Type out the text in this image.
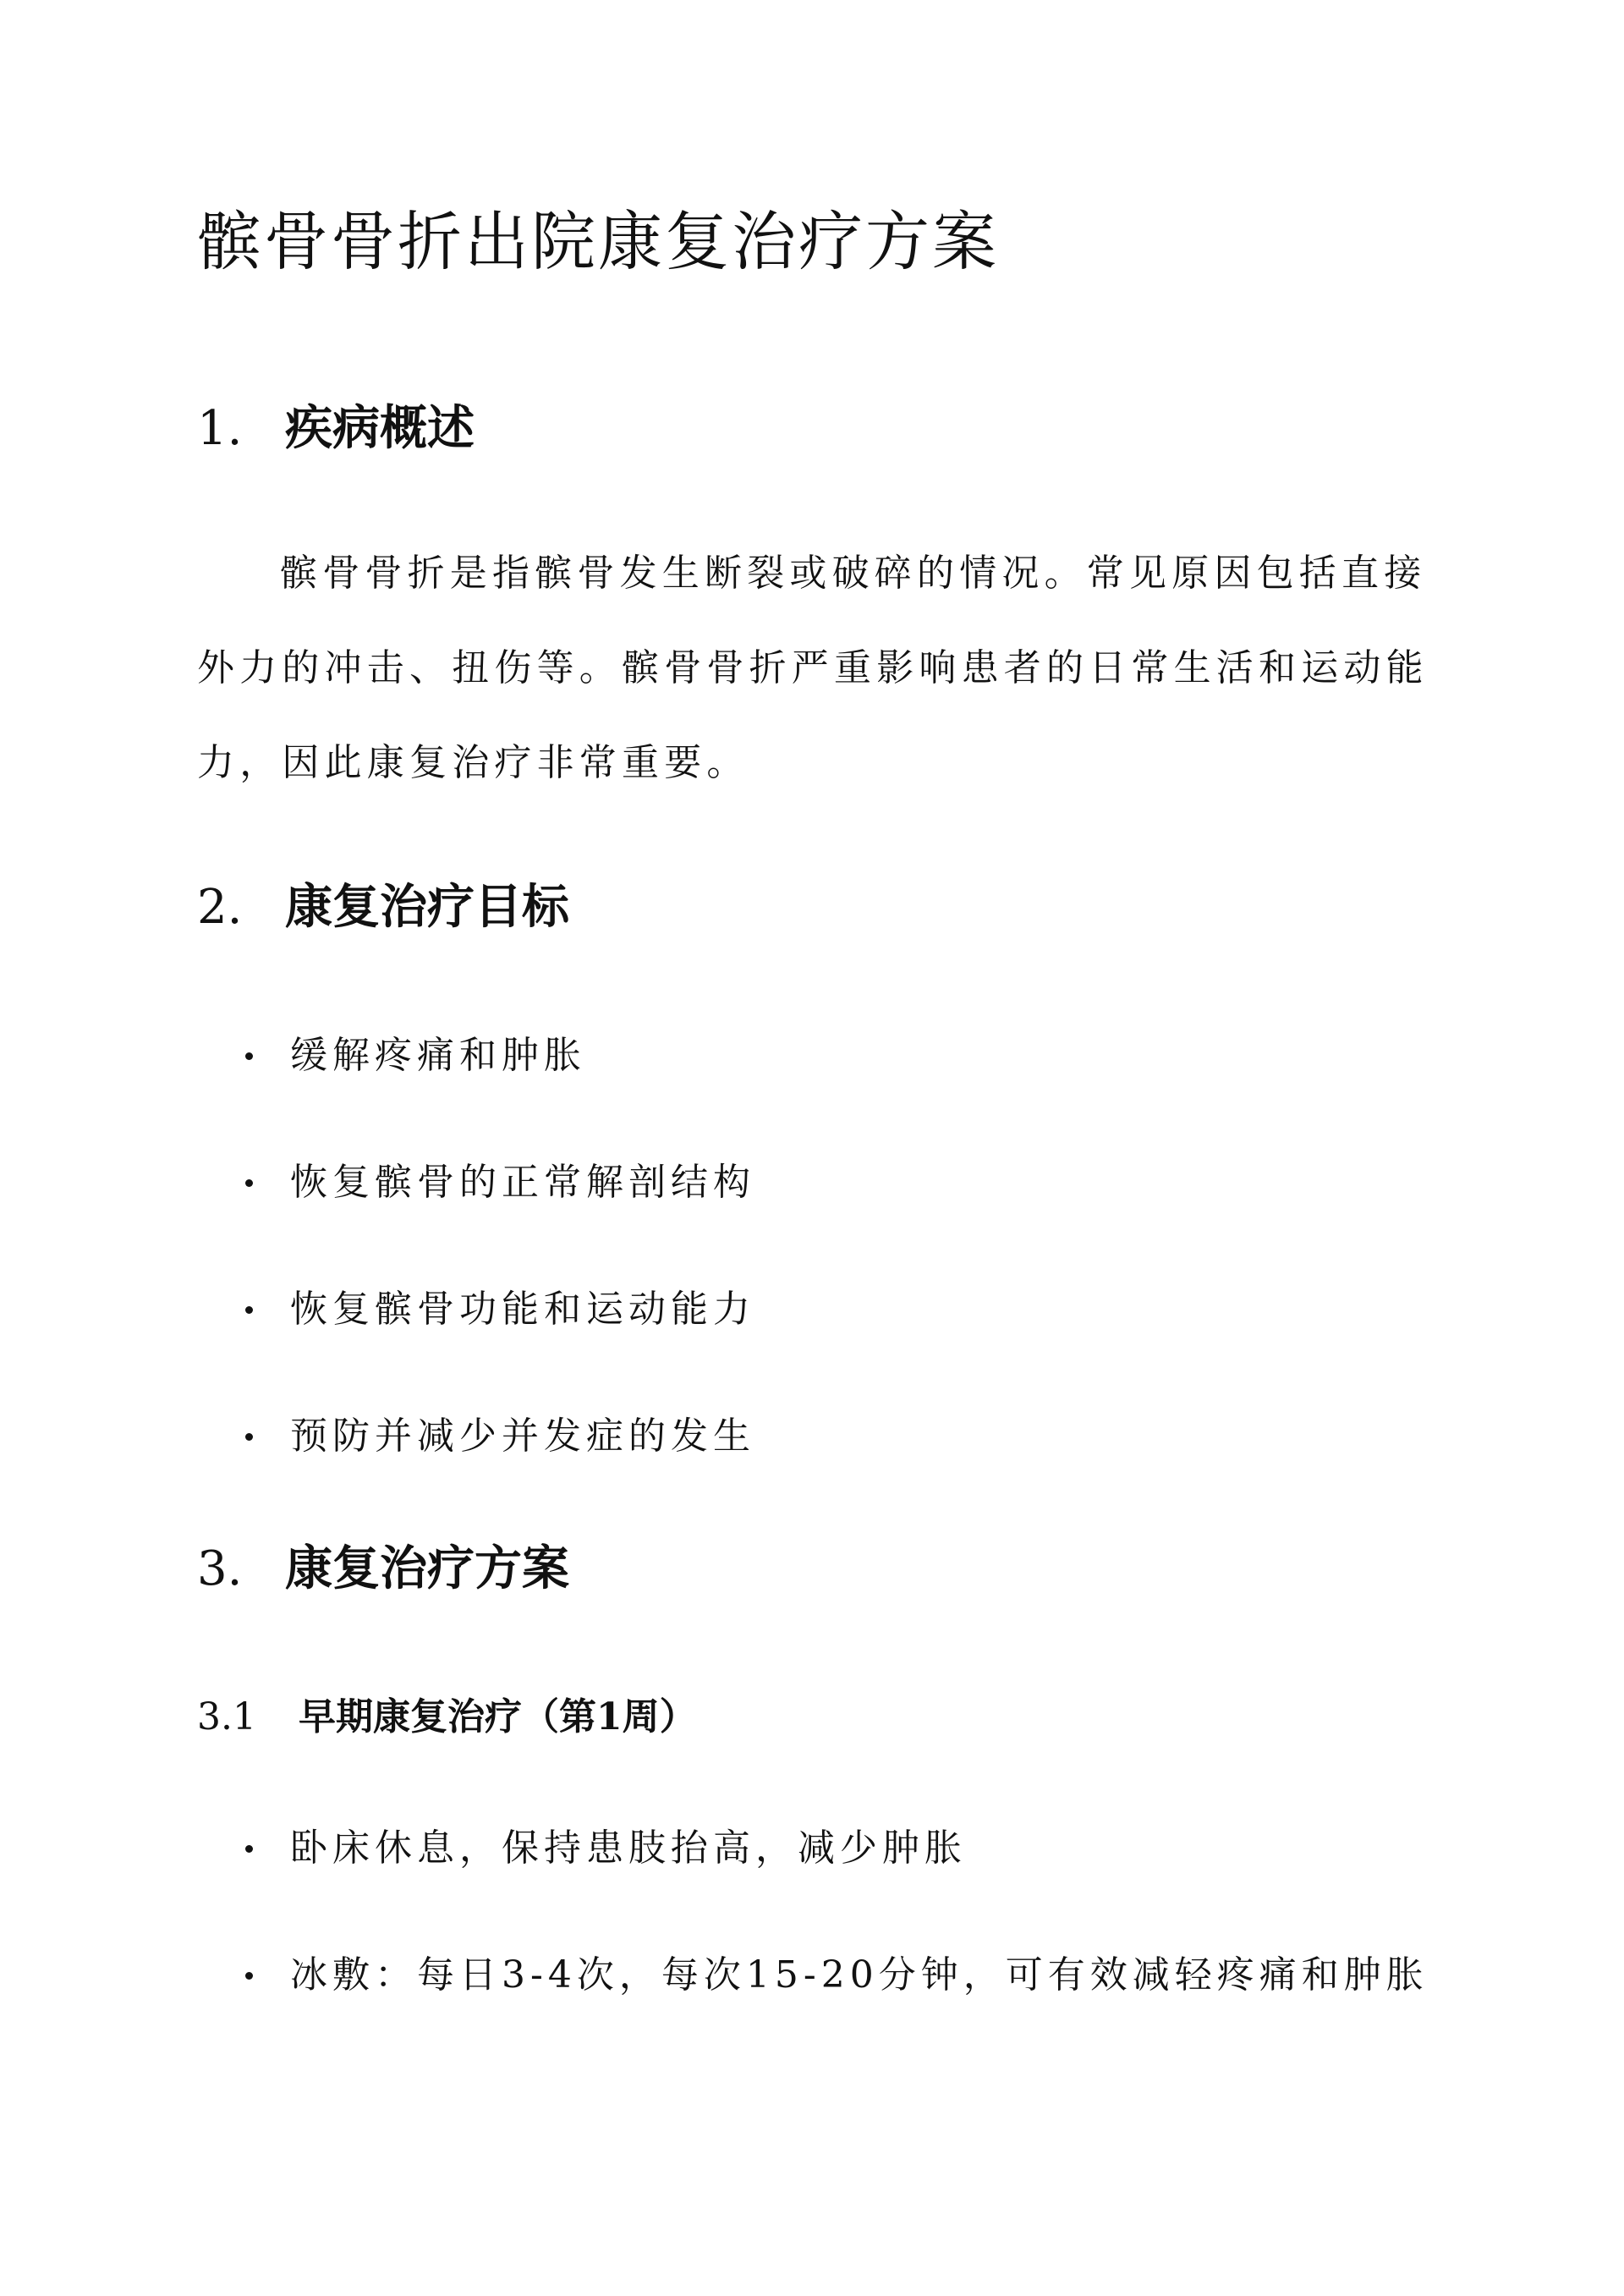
髌骨骨折出院康复治疗方案
1. 疾病概述
髌骨骨折是指髌骨发生断裂或破碎的情况。常见原因包括直接
外力的冲击、扭伤等。髌骨骨折严重影响患者的日常生活和运动能
力，因此康复治疗非常重要。
2. 康复治疗目标
缓解疼痛和肿胀
恢复髌骨的正常解剖结构
恢复髌骨功能和运动能力
预防并减少并发症的发生
3. 康复治疗方案
3.1	早期康复治疗（第1周）
卧床休息，保持患肢抬高，减少肿胀
冰敷：每日3-4次，每次15-20分钟，可有效减轻疼痛和肿胀
